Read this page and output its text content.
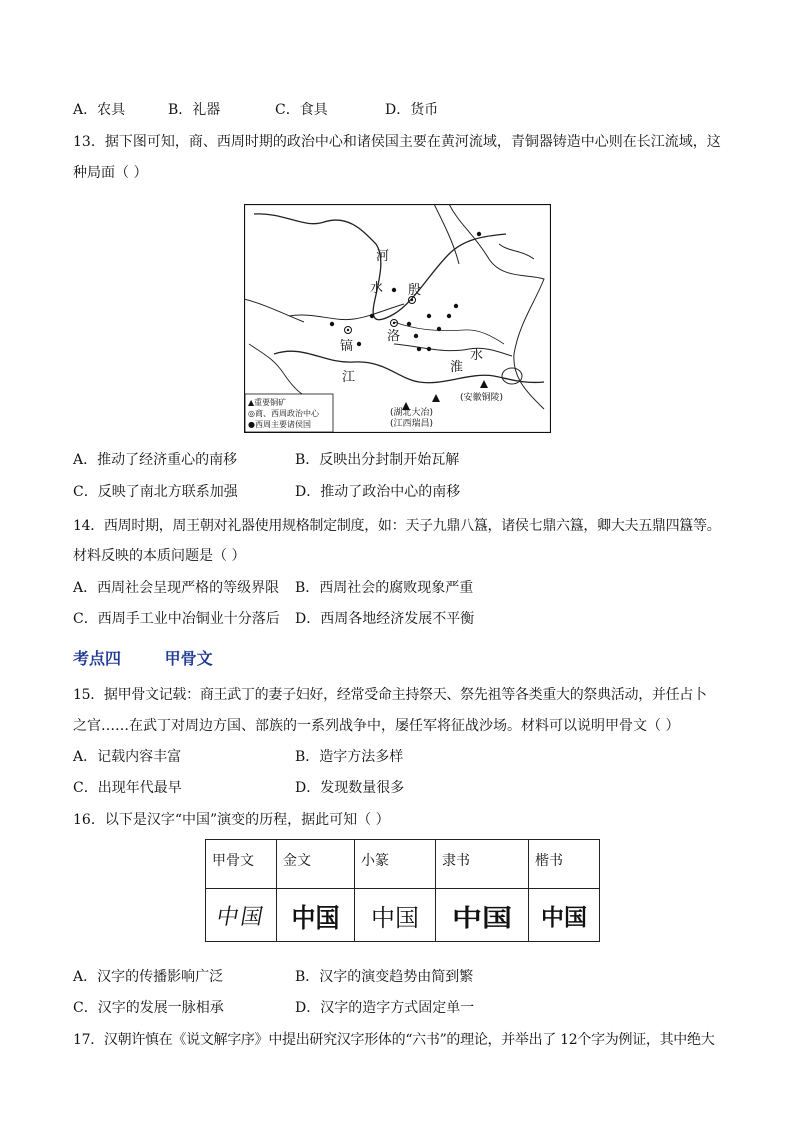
A．农具	B．礼器	C．食具	D．货币
13．据下图可知，商、西周时期的政治中心和诸侯国主要在黄河流域，青铜器铸造中心则在长江流域，这
种局面（ ）
河
水 殷
洛
镐
水
淮
江
(湖北大冶)
(江西瑞昌)
(安徽铜陵)
▲重要铜矿
◎商、西周政治中心
●西周主要诸侯国
A．推动了经济重心的南移	B．反映出分封制开始瓦解
C．反映了南北方联系加强	D．推动了政治中心的南移
14．西周时期，周王朝对礼器使用规格制定制度，如：天子九鼎八簋，诸侯七鼎六簋，卿大夫五鼎四簋等。
材料反映的本质问题是（ ）
A．西周社会呈现严格的等级界限 B．西周社会的腐败现象严重
C．西周手工业中冶铜业十分落后 D．西周各地经济发展不平衡
考点四	甲骨文
15．据甲骨文记载：商王武丁的妻子妇好，经常受命主持祭天、祭先祖等各类重大的祭典活动，并任占卜
之官……在武丁对周边方国、部族的一系列战争中，屡任军将征战沙场。材料可以说明甲骨文（ ）
A．记载内容丰富	B．造字方法多样
C．出现年代最早	D．发现数量很多
16．以下是汉字“中国”演变的历程，据此可知（ ）
甲骨文	金文	小篆	隶书	楷书
中国	中国	中国	中国	中国
A．汉字的传播影响广泛	B．汉字的演变趋势由简到繁
C．汉字的发展一脉相承	D．汉字的造字方式固定单一
17．汉朝许慎在《说文解字序》中提出研究汉字形体的“六书”的理论，并举出了 12个字为例证，其中绝大
